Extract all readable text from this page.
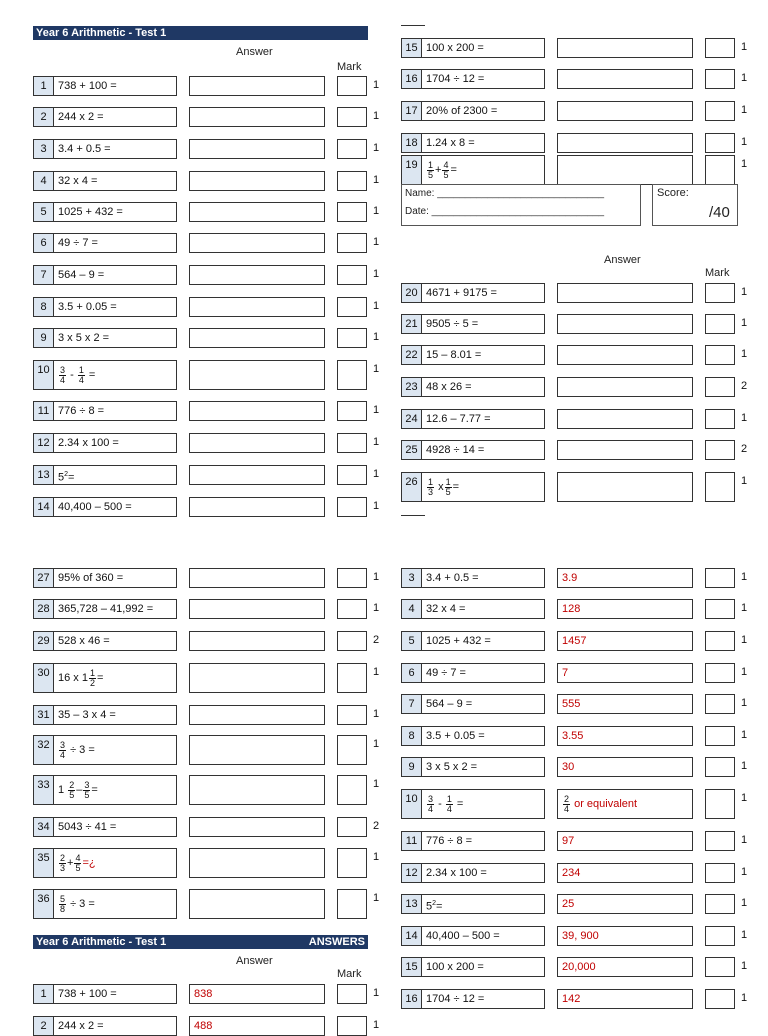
Year 6 Arithmetic - Test 1
Answer
Mark
1	738 + 100 =	1
2	244 x 2 =	1
3	3.4 + 0.5 =	1
4	32 x 4 =	1
5	1025 + 432 =	1
6	49 ÷ 7 =	1
7	564 – 9 =	1
8	3.5 + 0.05 =	1
9	3 x 5 x 2 =	1
10	$\frac{3}{4} - \frac{1}{4}$ =	1
11 776 ÷ 8 =	1
12 2.34 x 100 =	1
13 $5^2=$	1
14 40,400 – 500 =	1
15 100 x 200 =	1
16 1704 ÷ 12 =	1
17 20% of 2300 =	1
18 1.24 x 8 =	1
19	$\frac{1}{5} + \frac{4}{5}$ =	1
Name: ______________________________
Date: _______________________________
Score:
/40
Answer
Mark
20 4671 + 9175 =	1
21 9505 ÷ 5 =	1
22 15 – 8.01 =	1
23 48 x 26 =	2
24 12.6 – 7.77 =	1
25 4928 ÷ 14 =	2
26	$\frac{1}{3}$ x $\frac{1}{5}$ =	1
27 95% of 360 =	1
28 365,728 – 41,992 =	1
29 528 x 46 =	2
30 16 x $1 \frac{1}{2}$ =	1
31 35 – 3 x 4 =	1
32	$\frac{3}{4} \div 3$ =	1
33 $1 \frac{2}{5} - \frac{3}{5}$ =	1
34 5043 ÷ 41 =	2
35	$\frac{2}{3} + \frac{4}{5}$ =¿	1
36	$\frac{5}{8} \div 3$ =	1
Year 6 Arithmetic - Test 1	ANSWERS
Answer
Mark
1	738 + 100 =	838	1
2	244 x 2 =	488	1
3	3.4 + 0.5 =	3.9	1
4	32 x 4 =	128	1
5	1025 + 432 =	1457	1
6	49 ÷ 7 =	7	1
7	564 – 9 =	555	1
8	3.5 + 0.05 =	3.55	1
9	3 x 5 x 2 =	30	1
10	$\frac{3}{4} - \frac{1}{4}$ =	$\frac{2}{4}$ or equivalent	1
11 776 ÷ 8 =	97	1
12 2.34 x 100 =	234	1
13 $5^2=$	25	1
14 40,400 – 500 =	39, 900	1
15 100 x 200 =	20,000	1
16 1704 ÷ 12 =	142	1
